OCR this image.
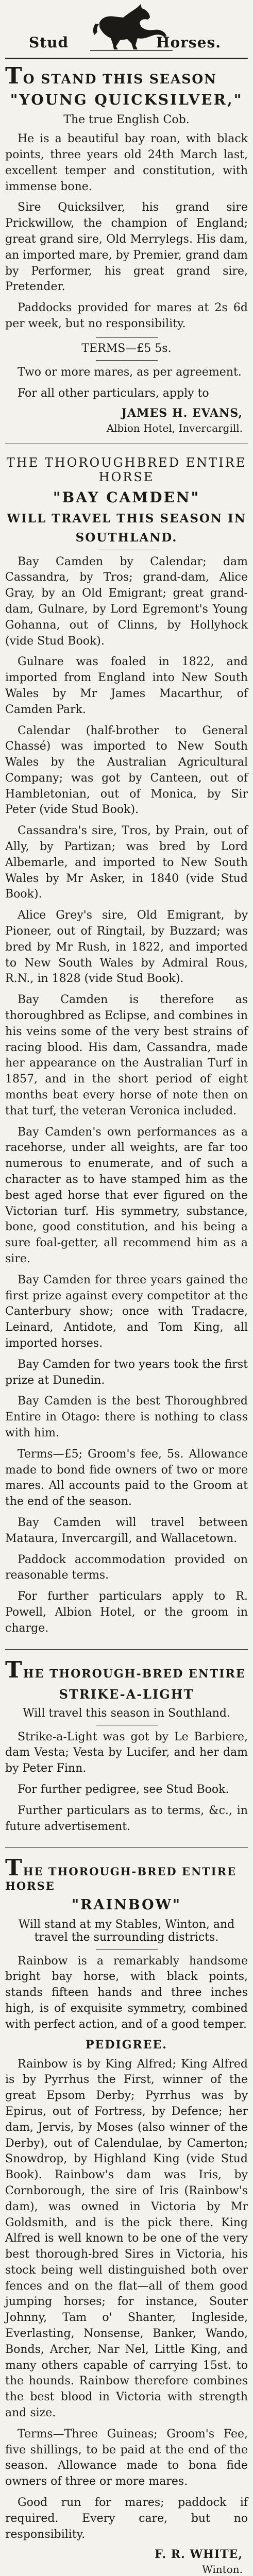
Stud	Horses.
TO STAND THIS SEASON
"YOUNG QUICKSILVER,"
The true English Cob.

He is a beautiful bay roan, with black points, three years old 24th March last, excellent temper and constitution, with immense bone.

Sire Quicksilver, his grand sire Prickwillow, the champion of England; great grand sire, Old Merrylegs. His dam, an imported mare, by Premier, grand dam by Performer, his great grand sire, Pretender.

Paddocks provided for mares at 2s 6d per week, but no responsibility.

TERMS—£5 5s.

Two or more mares, as per agreement.

For all other particulars, apply to

JAMES H. EVANS,
Albion Hotel, Invercargill.
THE THOROUGHBRED ENTIRE HORSE
"BAY CAMDEN"
WILL TRAVEL THIS SEASON IN
SOUTHLAND.

Bay Camden by Calendar; dam Cassandra, by Tros; grand-dam, Alice Gray, by an Old Emigrant; great grand-dam, Gulnare, by Lord Egremont's Young Gohanna, out of Clinns, by Hollyhock (vide Stud Book).

Gulnare was foaled in 1822, and imported from England into New South Wales by Mr James Macarthur, of Camden Park.

Calendar (half-brother to General Chassé) was imported to New South Wales by the Australian Agricultural Company; was got by Canteen, out of Hambletonian, out of Monica, by Sir Peter (vide Stud Book).

Cassandra's sire, Tros, by Prain, out of Ally, by Partizan; was bred by Lord Albemarle, and imported to New South Wales by Mr Asker, in 1840 (vide Stud Book).

Alice Grey's sire, Old Emigrant, by Pioneer, out of Ringtail, by Buzzard; was bred by Mr Rush, in 1822, and imported to New South Wales by Admiral Rous, R.N., in 1828 (vide Stud Book).

Bay Camden is therefore as thoroughbred as Eclipse, and combines in his veins some of the very best strains of racing blood. His dam, Cassandra, made her appearance on the Australian Turf in 1857, and in the short period of eight months beat every horse of note then on that turf, the veteran Veronica included.

Bay Camden's own performances as a racehorse, under all weights, are far too numerous to enumerate, and of such a character as to have stamped him as the best aged horse that ever figured on the Victorian turf. His symmetry, substance, bone, good constitution, and his being a sure foal-getter, all recommend him as a sire.

Bay Camden for three years gained the first prize against every competitor at the Canterbury show; once with Tradacre, Leinard, Antidote, and Tom King, all imported horses.

Bay Camden for two years took the first prize at Dunedin.

Bay Camden is the best Thoroughbred Entire in Otago: there is nothing to class with him.

Terms—£5; Groom's fee, 5s. Allowance made to bond fide owners of two or more mares. All accounts paid to the Groom at the end of the season.

Bay Camden will travel between Mataura, Invercargill, and Wallacetown.

Paddock accommodation provided on reasonable terms.

For further particulars apply to R. Powell, Albion Hotel, or the groom in charge.

THE THOROUGH-BRED ENTIRE
STRIKE-A-LIGHT
Will travel this season in Southland.

Strike-a-Light was got by Le Barbiere, dam Vesta; Vesta by Lucifer, and her dam by Peter Finn.

For further pedigree, see Stud Book.

Further particulars as to terms, &c., in future advertisement.

THE THOROUGH-BRED ENTIRE HORSE
"RAINBOW"
Will stand at my Stables, Winton, and travel the surrounding districts.

Rainbow is a remarkably handsome bright bay horse, with black points, stands fifteen hands and three inches high, is of exquisite symmetry, combined with perfect action, and of a good temper.

PEDIGREE.

Rainbow is by King Alfred; King Alfred is by Pyrrhus the First, winner of the great Epsom Derby; Pyrrhus was by Epirus, out of Fortress, by Defence; her dam, Jervis, by Moses (also winner of the Derby), out of Calendulae, by Camerton; Snowdrop, by Highland King (vide Stud Book). Rainbow's dam was Iris, by Cornborough, the sire of Iris (Rainbow's dam), was owned in Victoria by Mr Goldsmith, and is the pick there. King Alfred is well known to be one of the very best thorough-bred Sires in Victoria, his stock being well distinguished both over fences and on the flat—all of them good jumping horses; for instance, Souter Johnny, Tam o' Shanter, Ingleside, Everlasting, Nonsense, Banker, Wando, Bonds, Archer, Nar Nel, Little King, and many others capable of carrying 15st. to the hounds. Rainbow therefore combines the best blood in Victoria with strength and size.

Terms—Three Guineas; Groom's Fee, five shillings, to be paid at the end of the season. Allowance made to bona fide owners of three or more mares.

Good run for mares; paddock if required. Every care, but no responsibility.

F. R. WHITE,
Winton.
